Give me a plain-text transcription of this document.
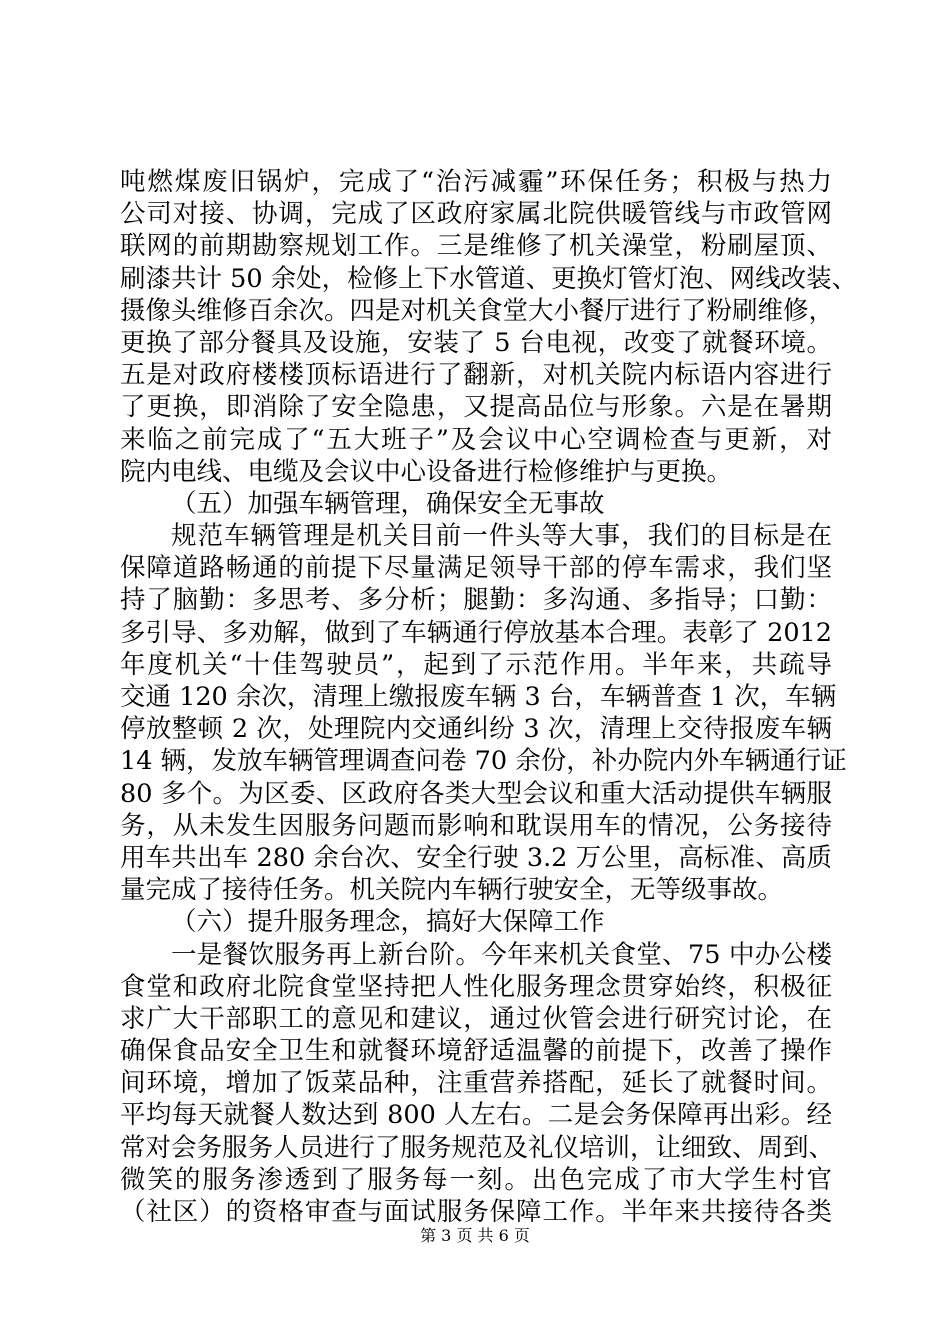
吨燃煤废旧锅炉，完成了“治污减霾”环保任务；积极与热力
公司对接、协调，完成了区政府家属北院供暖管线与市政管网
联网的前期勘察规划工作。三是维修了机关澡堂，粉刷屋顶、
刷漆共计 50 余处，检修上下水管道、更换灯管灯泡、网线改装、
摄像头维修百余次。四是对机关食堂大小餐厅进行了粉刷维修，
更换了部分餐具及设施，安装了 5 台电视，改变了就餐环境。
五是对政府楼楼顶标语进行了翻新，对机关院内标语内容进行
了更换，即消除了安全隐患，又提高品位与形象。六是在暑期
来临之前完成了“五大班子”及会议中心空调检查与更新，对
院内电线、电缆及会议中心设备进行检修维护与更换。
（五）加强车辆管理，确保安全无事故
规范车辆管理是机关目前一件头等大事，我们的目标是在
保障道路畅通的前提下尽量满足领导干部的停车需求，我们坚
持了脑勤：多思考、多分析；腿勤：多沟通、多指导；口勤：
多引导、多劝解，做到了车辆通行停放基本合理。表彰了 2012
年度机关“十佳驾驶员”，起到了示范作用。半年来，共疏导
交通 120 余次，清理上缴报废车辆 3 台，车辆普查 1 次，车辆
停放整顿 2 次，处理院内交通纠纷 3 次，清理上交待报废车辆
14 辆，发放车辆管理调查问卷 70 余份，补办院内外车辆通行证
80 多个。为区委、区政府各类大型会议和重大活动提供车辆服
务，从未发生因服务问题而影响和耽误用车的情况，公务接待
用车共出车 280 余台次、安全行驶 3.2 万公里，高标准、高质
量完成了接待任务。机关院内车辆行驶安全，无等级事故。
（六）提升服务理念，搞好大保障工作
一是餐饮服务再上新台阶。今年来机关食堂、75 中办公楼
食堂和政府北院食堂坚持把人性化服务理念贯穿始终，积极征
求广大干部职工的意见和建议，通过伙管会进行研究讨论，在
确保食品安全卫生和就餐环境舒适温馨的前提下，改善了操作
间环境，增加了饭菜品种，注重营养搭配，延长了就餐时间。
平均每天就餐人数达到 800 人左右。二是会务保障再出彩。经
常对会务服务人员进行了服务规范及礼仪培训，让细致、周到、
微笑的服务渗透到了服务每一刻。出色完成了市大学生村官
（社区）的资格审查与面试服务保障工作。半年来共接待各类
第 3 页 共 6 页
